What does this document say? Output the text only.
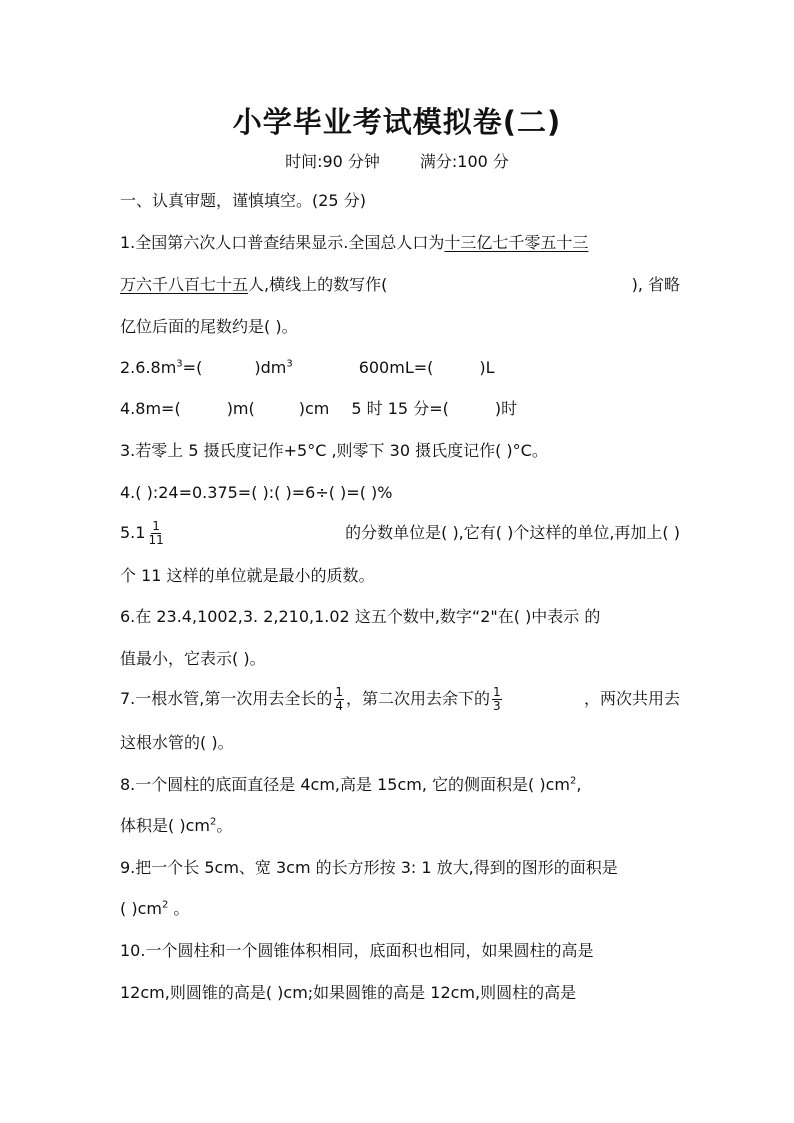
小学毕业考试模拟卷(二)
时间:90 分钟	满分:100 分
一、认真审题，谨慎填空。(25 分)
1.全国第六次人口普查结果显示.全国总人口为十三亿七千零五十三
万六千八百七十五人,横线上的数写作(	), 省略
亿位后面的尾数约是( )。
$2.6.8m^3=$(	)$dm^3$	600mL=(	)L
4.8m=(	)m(	)cm 5 时 15 分=(	)时
3.若零上 5 摄氏度记作+5°C ,则零下 30 摄氏度记作( )°C。
4.( ):24=0.375=( ):( )=6÷( )=( )%
$5.1 \frac{1}{11}$	的分数单位是( ),它有( )个这样的单位,再加上( )
个 11 这样的单位就是最小的质数。
6.在 23.4,1002,3. 2,210,1.02 这五个数中,数字“2"在( )中表示 的
值最小，它表示( )。
7.一根水管,第一次用去全长的 $\frac{1}{4}$ ，第二次用去余下的 $\frac{1}{3}$	，两次共用去
这根水管的( )。
8.一个圆柱的底面直径是 4cm,高是 15cm, 它的侧面积是( )$cm^2$,
体积是( )$cm^2$。
9.把一个长 5cm、宽 3cm 的长方形按 3: 1 放大,得到的图形的面积是
( )$cm^2$ 。
10.一个圆柱和一个圆锥体积相同，底面积也相同，如果圆柱的高是
12cm,则圆锥的高是( )cm;如果圆锥的高是 12cm,则圆柱的高是
